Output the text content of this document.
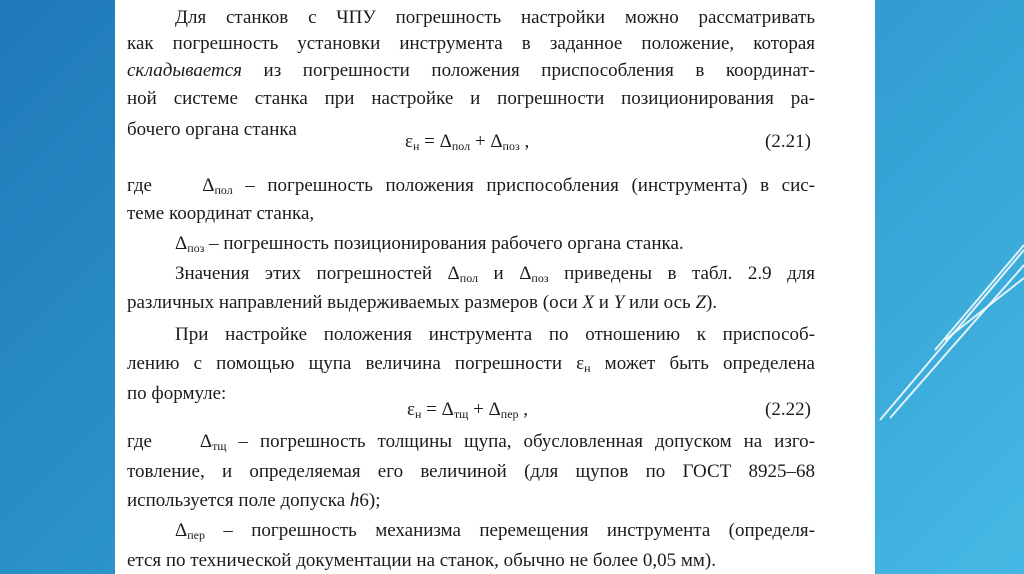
Для станков с ЧПУ погрешность настройки можно рассматривать
как погрешность установки инструмента в заданное положение, которая
складывается из погрешности положения приспособления в координат-
ной системе станка при настройке и погрешности позиционирования ра-
бочего органа станка
$\varepsilon_н = \Delta_{пол} + \Delta_{поз}$ ,	(2.21)
где	$\Delta_{пол}$ – погрешность положения приспособления (инструмента) в сис-
теме координат станка,
$\Delta_{поз}$ – погрешность позиционирования рабочего органа станка.
Значения этих погрешностей $\Delta_{пол}$ и $\Delta_{поз}$ приведены в табл. 2.9 для
различных направлений выдерживаемых размеров (оси X и Y или ось Z).
При настройке положения инструмента по отношению к приспособ-
лению с помощью щупа величина погрешности $\varepsilon_н$ может быть определена
по формуле:
$\varepsilon_н = \Delta_{тщ} + \Delta_{пер}$ ,	(2.22)
где	$\Delta_{тщ}$ – погрешность толщины щупа, обусловленная допуском на изго-
товление, и определяемая его величиной (для щупов по ГОСТ 8925–68
используется поле допуска h6);
$\Delta_{пер}$ – погрешность механизма перемещения инструмента (определя-
ется по технической документации на станок, обычно не более 0,05 мм).
